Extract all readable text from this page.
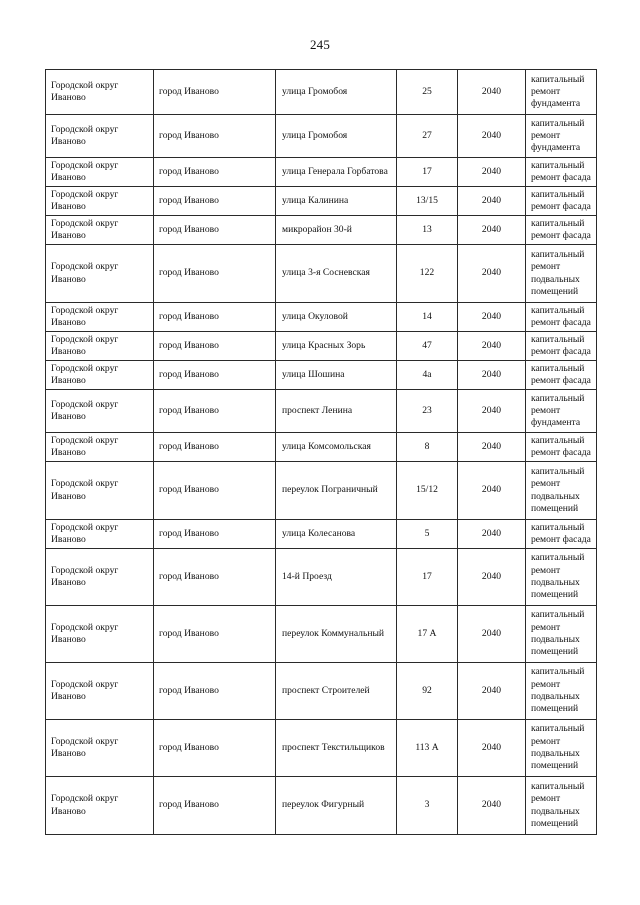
245
Городской округ Иваново	город Иваново	улица Громобоя	25	2040	капитальный ремонт фундамента
Городской округ Иваново	город Иваново	улица Громобоя	27	2040	капитальный ремонт фундамента
Городской округ Иваново	город Иваново	улица Генерала Горбатова	17	2040	капитальный ремонт фасада
Городской округ Иваново	город Иваново	улица Калинина	13/15	2040	капитальный ремонт фасада
Городской округ Иваново	город Иваново	микрорайон 30-й	13	2040	капитальный ремонт фасада
Городской округ Иваново	город Иваново	улица 3-я Сосневская	122	2040	капитальный ремонт подвальных помещений
Городской округ Иваново	город Иваново	улица Окуловой	14	2040	капитальный ремонт фасада
Городской округ Иваново	город Иваново	улица Красных Зорь	47	2040	капитальный ремонт фасада
Городской округ Иваново	город Иваново	улица Шошина	4а	2040	капитальный ремонт фасада
Городской округ Иваново	город Иваново	проспект Ленина	23	2040	капитальный ремонт фундамента
Городской округ Иваново	город Иваново	улица Комсомольская	8	2040	капитальный ремонт фасада
Городской округ Иваново	город Иваново	переулок Пограничный	15/12	2040	капитальный ремонт подвальных помещений
Городской округ Иваново	город Иваново	улица Колесанова	5	2040	капитальный ремонт фасада
Городской округ Иваново	город Иваново	14-й Проезд	17	2040	капитальный ремонт подвальных помещений
Городской округ Иваново	город Иваново	переулок Коммунальный	17 А	2040	капитальный ремонт подвальных помещений
Городской округ Иваново	город Иваново	проспект Строителей	92	2040	капитальный ремонт подвальных помещений
Городской округ Иваново	город Иваново	проспект Текстильщиков	113 А	2040	капитальный ремонт подвальных помещений
Городской округ Иваново	город Иваново	переулок Фигурный	3	2040	капитальный ремонт подвальных помещений
